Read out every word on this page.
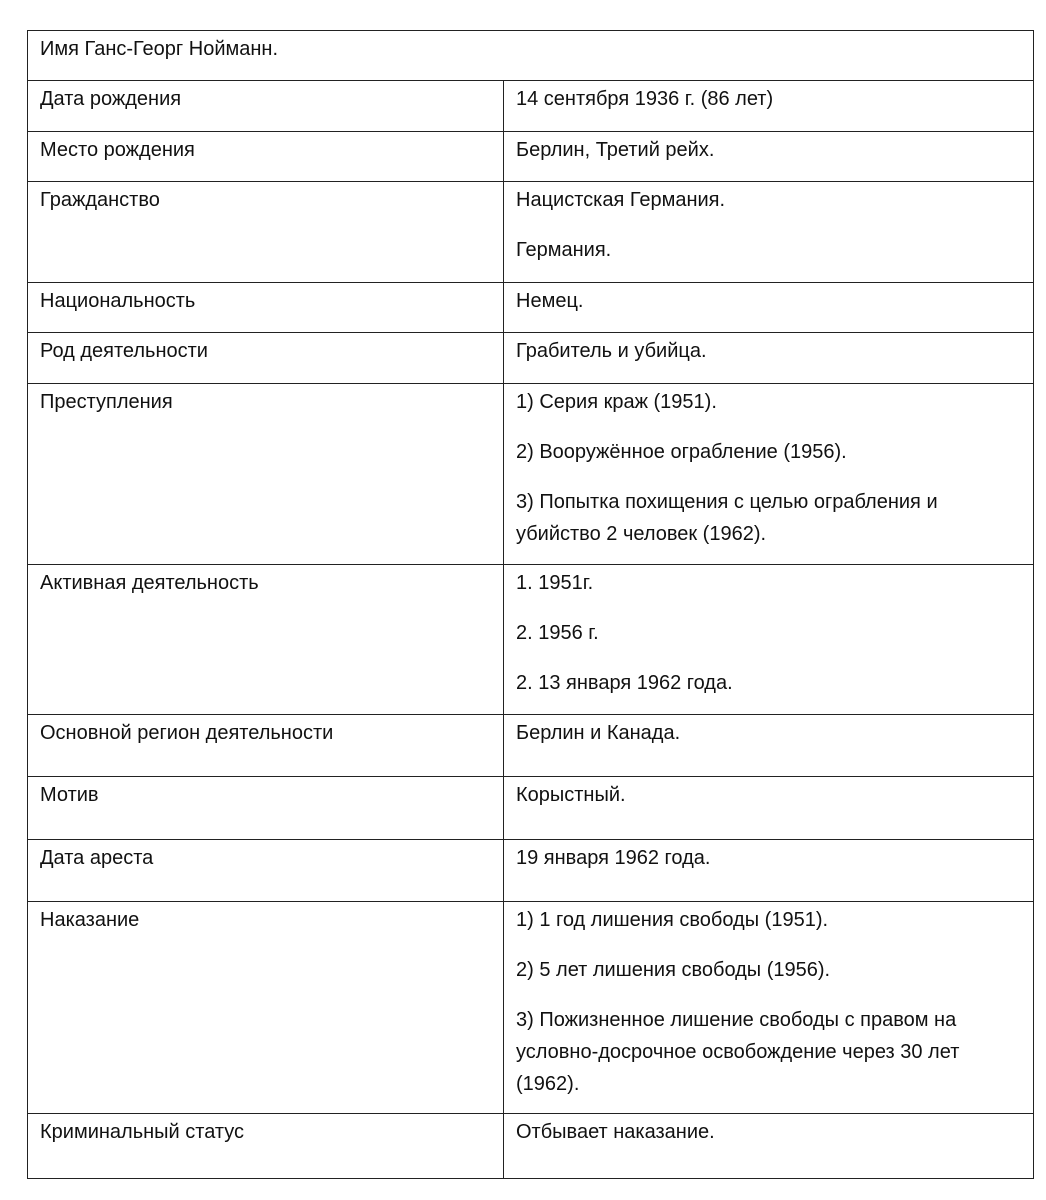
Имя Ганс-Георг Нойманн.	

Дата рождения	14 сентября 1936 г. (86 лет)

Место рождения	Берлин, Третий рейх.

Гражданство	Нацистская Германия.

Германия.

Национальность	Немец.

Род деятельности	Грабитель и убийца.

Преступления	1) Серия краж (1951).

2) Вооружённое ограбление (1956).

3) Попытка похищения с целью ограбления и убийство 2 человек (1962).

Активная деятельность	1. 1951г.

2. 1956 г.

2. 13 января 1962 года.

Основной регион деятельности	Берлин и Канада.

Мотив	Корыстный.

Дата ареста	19 января 1962 года.

Наказание	1) 1 год лишения свободы (1951).

2) 5 лет лишения свободы (1956).

3) Пожизненное лишение свободы с правом на условно-досрочное освобождение через 30 лет (1962).

Криминальный статус	Отбывает наказание.
